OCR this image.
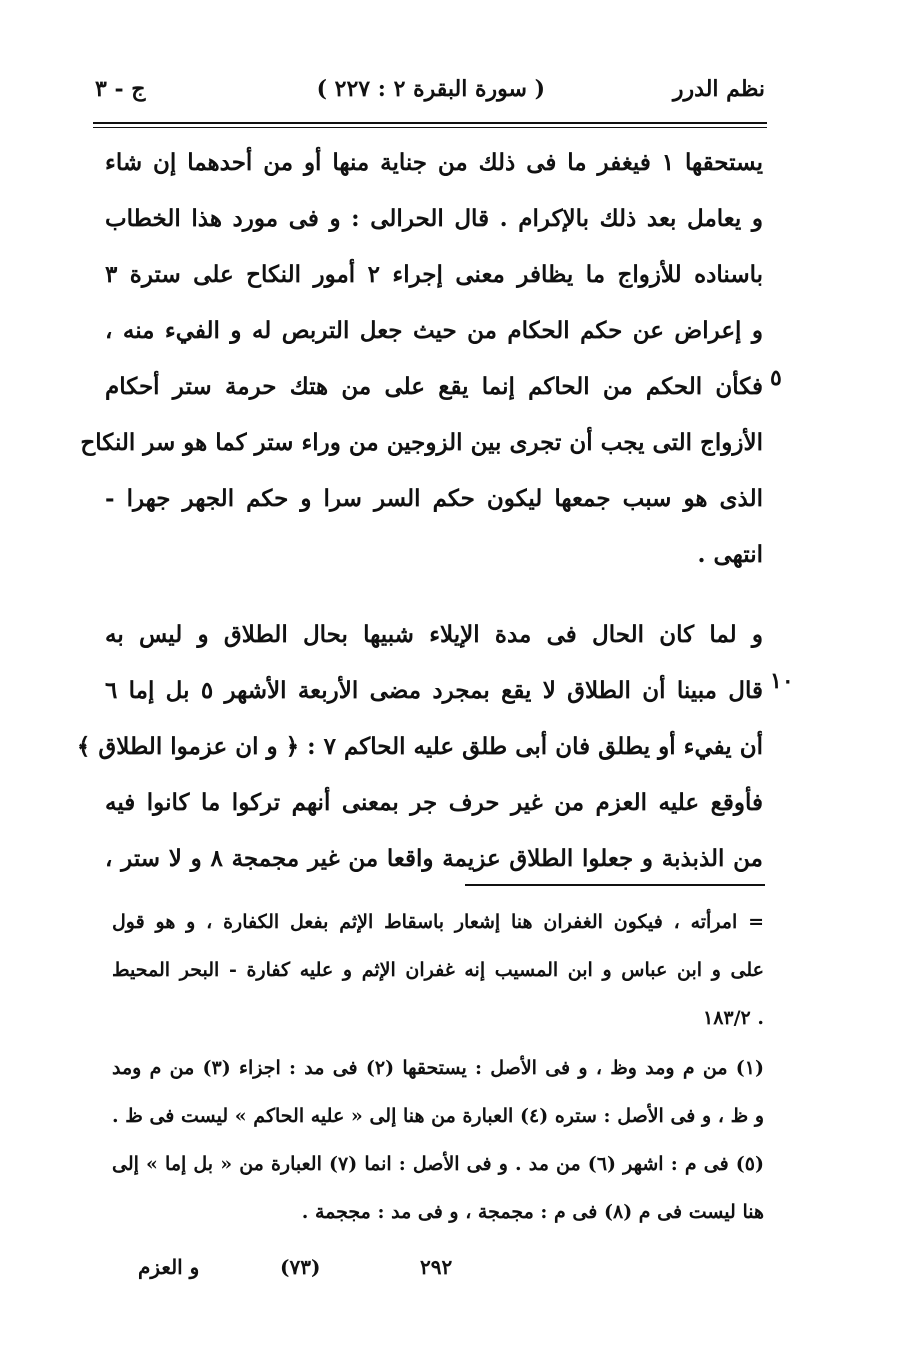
نظم الدرر
( سورة البقرة ٢ : ٢٢٧ )
ج - ٣
٥
١٠
يستحقها ١ فيغفر ما فى ذلك من جناية منها أو من أحدهما إن شاء
و يعامل بعد ذلك بالإكرام . قال الحرالى : و فى مورد هذا الخطاب
باسناده للأزواج ما يظافر معنى إجراء ٢ أمور النكاح على سترة ٣
و إعراض عن حكم الحكام من حيث جعل التربص له و الفيء منه ،
فكأن الحكم من الحاكم إنما يقع على من هتك حرمة ستر أحكام
الأزواج التى يجب أن تجرى بين الزوجين من وراء ستر كما هو سر النكاح
الذى هو سبب جمعها ليكون حكم السر سرا و حكم الجهر جهرا -
انتهى .
و لما كان الحال فى مدة الإيلاء شبيها بحال الطلاق و ليس به
قال مبينا أن الطلاق لا يقع بمجرد مضى الأربعة الأشهر ٥ بل إما ٦
أن يفيء أو يطلق فان أبى طلق عليه الحاكم ٧ : ﴿ و ان عزموا الطلاق ﴾
فأوقع عليه العزم من غير حرف جر بمعنى أنهم تركوا ما كانوا فيه
من الذبذبة و جعلوا الطلاق عزيمة واقعا من غير مجمجة ٨ و لا ستر ،
= امرأته ، فيكون الغفران هنا إشعار باسقاط الإثم بفعل الكفارة ، و هو قول
على و ابن عباس و ابن المسيب إنه غفران الإثم و عليه كفارة - البحر المحيط
. ١٨٣/٢
(١) من م ومد وظ ، و فى الأصل : يستحقها (٢) فى مد : اجزاء (٣) من م ومد
و ظ ، و فى الأصل : ستره (٤) العبارة من هنا إلى « عليه الحاكم » ليست فى ظ .
(٥) فى م : اشهر (٦) من مد . و فى الأصل : انما (٧) العبارة من « بل إما » إلى
هنا ليست فى م (٨) فى م : مجمجة ، و فى مد : مججمة .
٢٩٢
(٧٣)
و العزم
